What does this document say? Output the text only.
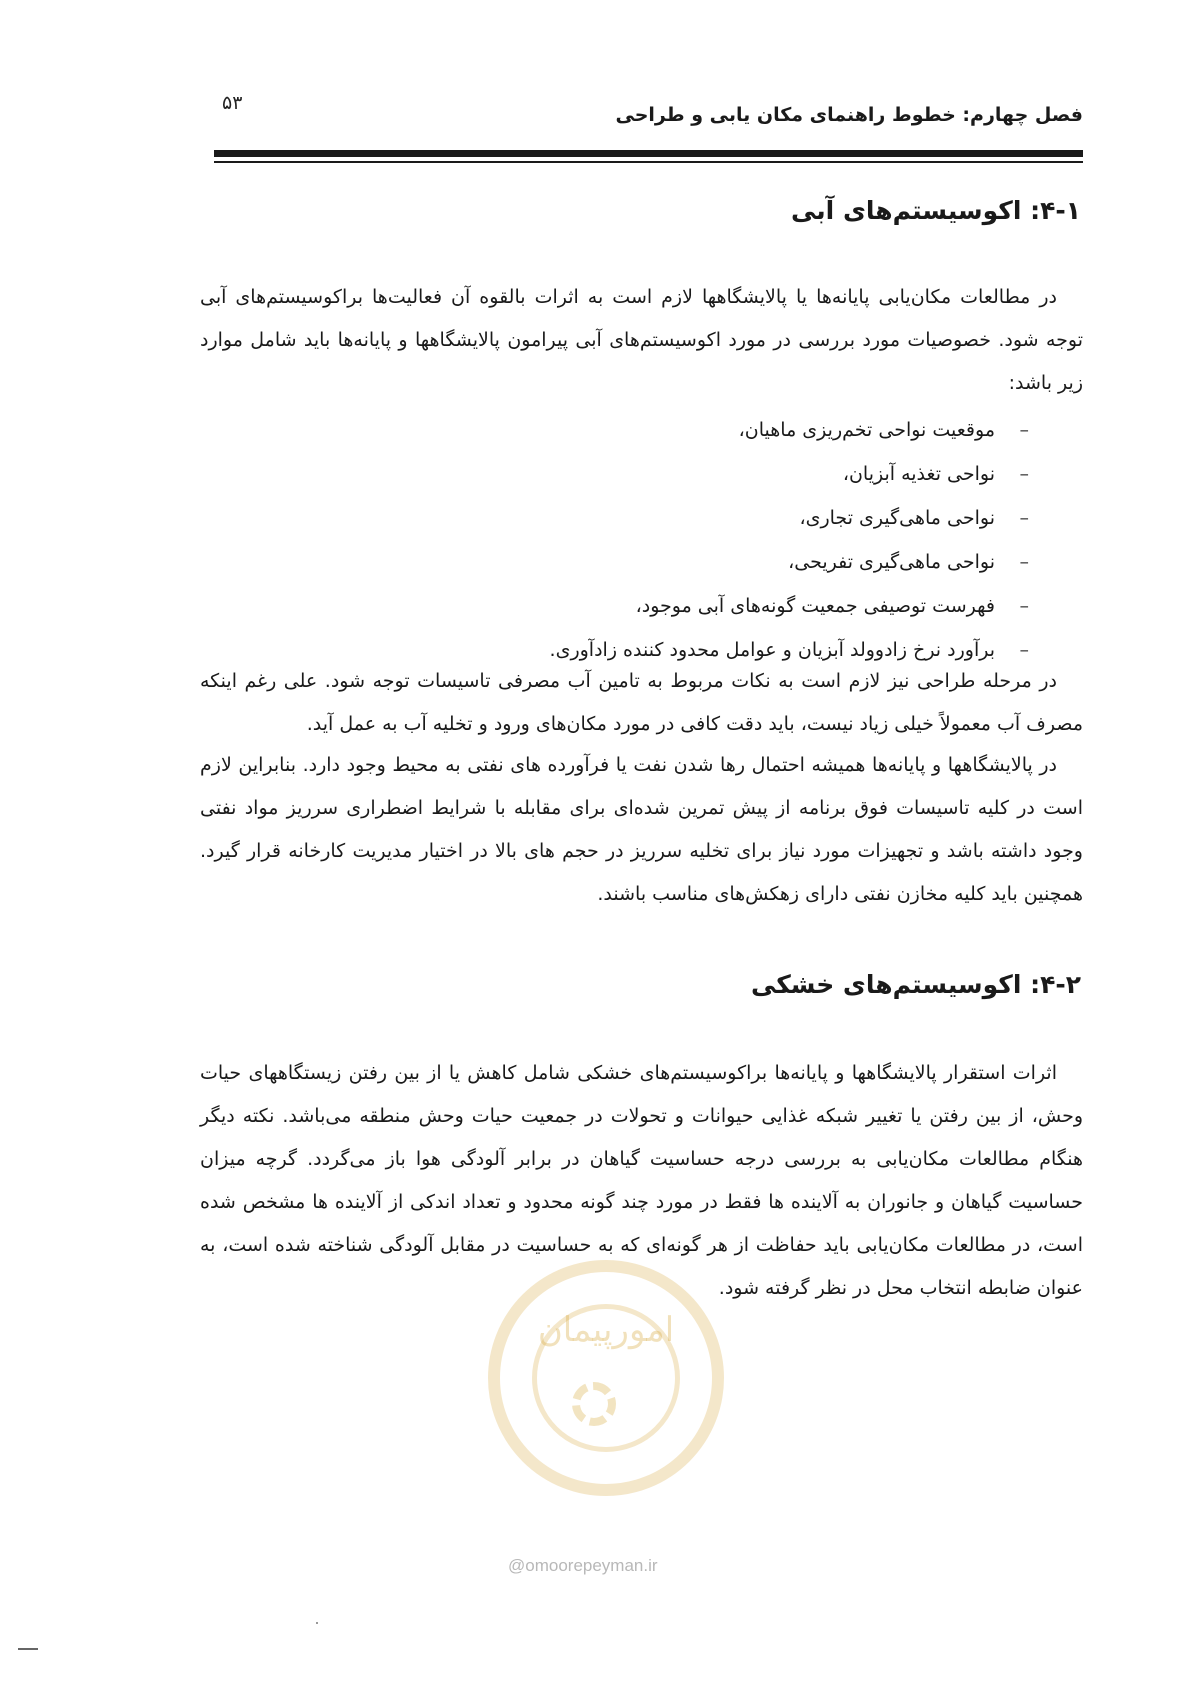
۵۳
فصل چهارم: خطوط راهنمای مکان یابی و طراحی
۴-۱: اکوسیستم‌های آبی
در مطالعات مکان‌یابی پایانه‌ها یا پالایشگاهها لازم است به اثرات بالقوه آن فعالیت‌ها براکوسیستم‌های آبی توجه شود. خصوصیات مورد بررسی در مورد اکوسیستم‌های آبی پیرامون پالایشگاهها و پایانه‌ها باید شامل موارد زیر باشد:
–موقعیت نواحی تخم‌ریزی ماهیان،
–نواحی تغذیه آبزیان،
–نواحی ماهی‌گیری تجاری،
–نواحی ماهی‌گیری تفریحی،
–فهرست توصیفی جمعیت گونه‌های آبی موجود،
–برآورد نرخ زادوولد آبزیان و عوامل محدود کننده زادآوری.
در مرحله طراحی نیز لازم است به نکات مربوط به تامین آب مصرفی تاسیسات توجه شود. علی رغم اینکه مصرف آب معمولاً خیلی زیاد نیست، باید دقت کافی در مورد مکان‌های ورود و تخلیه آب به عمل آید.
در پالایشگاهها و پایانه‌ها همیشه احتمال رها شدن نفت یا فرآورده های نفتی به محیط وجود دارد. بنابراین لازم است در کلیه تاسیسات فوق برنامه از پیش تمرین شده‌ای برای مقابله با شرایط اضطراری سرریز مواد نفتی وجود داشته باشد و تجهیزات مورد نیاز برای تخلیه سرریز در حجم های بالا در اختیار مدیریت کارخانه قرار گیرد. همچنین باید کلیه مخازن نفتی دارای زهکش‌های مناسب باشند.
۴-۲: اکوسیستم‌های خشکی
اثرات استقرار پالایشگاهها و پایانه‌ها براکوسیستم‌های خشکی شامل کاهش یا از بین رفتن زیستگاههای حیات وحش، از بین رفتن یا تغییر شبکه غذایی حیوانات و تحولات در جمعیت حیات وحش منطقه می‌باشد. نکته دیگر هنگام مطالعات مکان‌یابی به بررسی درجه حساسیت گیاهان در برابر آلودگی هوا باز می‌گردد. گرچه میزان حساسیت گیاهان و جانوران به آلاینده ها فقط در مورد چند گونه محدود و تعداد اندکی از آلاینده ها مشخص شده است، در مطالعات مکان‌یابی باید حفاظت از هر گونه‌ای که به حساسیت در مقابل آلودگی شناخته شده است، به عنوان ضابطه انتخاب محل در نظر گرفته شود.
امورپیمان
@omoorepeyman.ir
